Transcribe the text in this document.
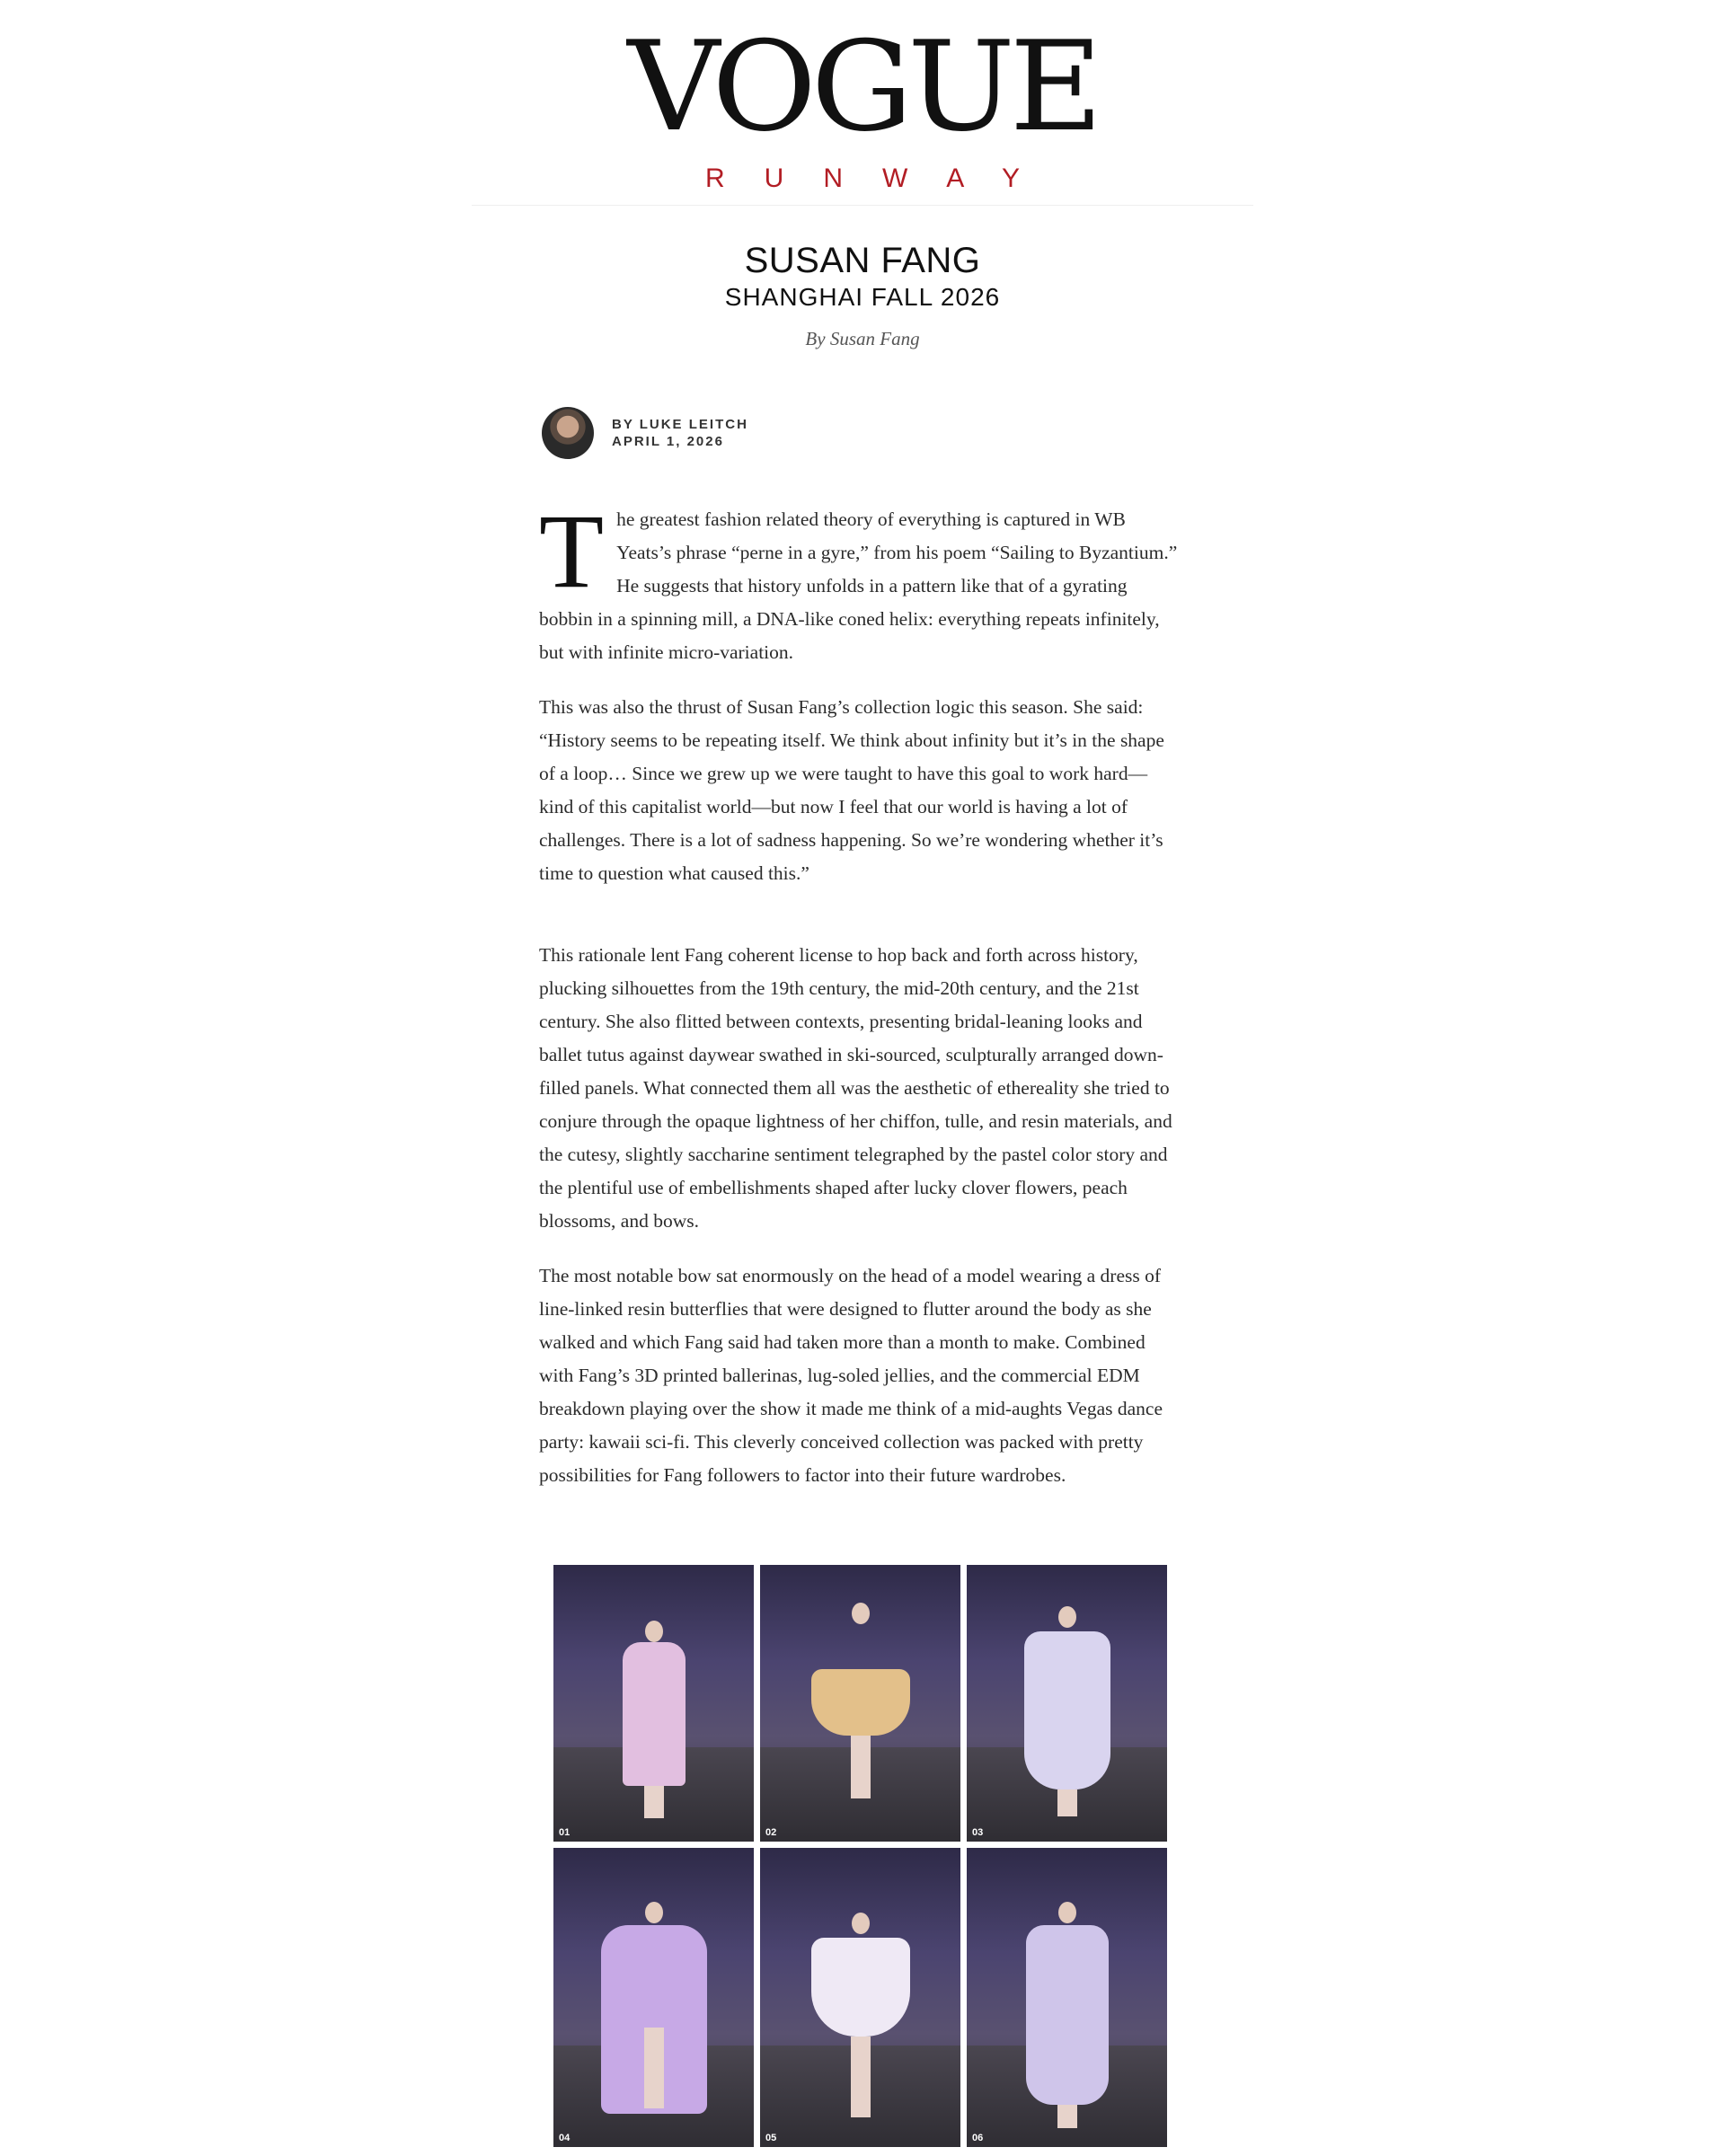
VOGUE
RUNWAY
SUSAN FANG
SHANGHAI FALL 2026
By Susan Fang
BY LUKE LEITCH
APRIL 1, 2026

The greatest fashion related theory of everything is captured in WB Yeats’s phrase “perne in a gyre,” from his poem “Sailing to Byzantium.” He suggests that history unfolds in a pattern like that of a gyrating bobbin in a spinning mill, a DNA-like coned helix: everything repeats infinitely, but with infinite micro-variation.

This was also the thrust of Susan Fang’s collection logic this season. She said: “History seems to be repeating itself. We think about infinity but it’s in the shape of a loop… Since we grew up we were taught to have this goal to work hard—kind of this capitalist world—but now I feel that our world is having a lot of challenges. There is a lot of sadness happening. So we’re wondering whether it’s time to question what caused this.”

This rationale lent Fang coherent license to hop back and forth across history, plucking silhouettes from the 19th century, the mid-20th century, and the 21st century. She also flitted between contexts, presenting bridal-leaning looks and ballet tutus against daywear swathed in ski-sourced, sculpturally arranged down-filled panels. What connected them all was the aesthetic of ethereality she tried to conjure through the opaque lightness of her chiffon, tulle, and resin materials, and the cutesy, slightly saccharine sentiment telegraphed by the pastel color story and the plentiful use of embellishments shaped after lucky clover flowers, peach blossoms, and bows.

The most notable bow sat enormously on the head of a model wearing a dress of line-linked resin butterflies that were designed to flutter around the body as she walked and which Fang said had taken more than a month to make. Combined with Fang’s 3D printed ballerinas, lug-soled jellies, and the commercial EDM breakdown playing over the show it made me think of a mid-aughts Vegas dance party: kawaii sci-fi. This cleverly conceived collection was packed with pretty possibilities for Fang followers to factor into their future wardrobes.

01	02	03
04	05	06
